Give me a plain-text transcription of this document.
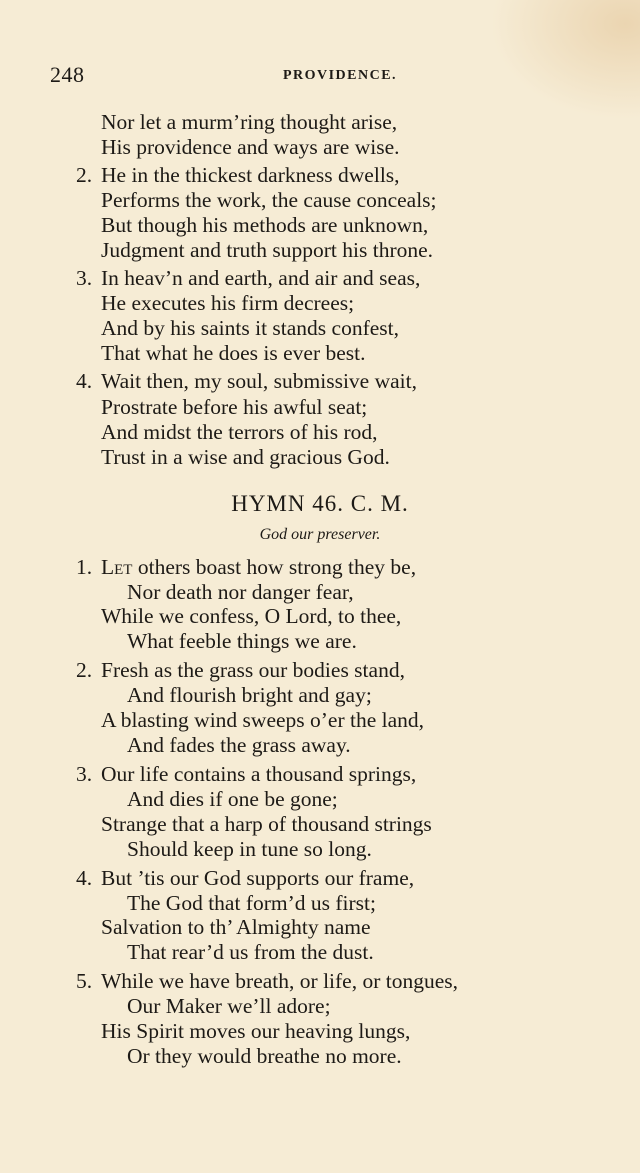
248	PROVIDENCE.
Nor let a murm’ring thought arise,
His providence and ways are wise.
2. He in the thickest darkness dwells,
Performs the work, the cause conceals;
But though his methods are unknown,
Judgment and truth support his throne.
3. In heav’n and earth, and air and seas,
He executes his firm decrees;
And by his saints it stands confest,
That what he does is ever best.
4. Wait then, my soul, submissive wait,
Prostrate before his awful seat;
And midst the terrors of his rod,
Trust in a wise and gracious God.
HYMN 46. C. M.
God our preserver.
1. Let others boast how strong they be,
Nor death nor danger fear,
While we confess, O Lord, to thee,
What feeble things we are.
2. Fresh as the grass our bodies stand,
And flourish bright and gay;
A blasting wind sweeps o’er the land,
And fades the grass away.
3. Our life contains a thousand springs,
And dies if one be gone;
Strange that a harp of thousand strings
Should keep in tune so long.
4. But ’tis our God supports our frame,
The God that form’d us first;
Salvation to th’ Almighty name
That rear’d us from the dust.
5. While we have breath, or life, or tongues,
Our Maker we’ll adore;
His Spirit moves our heaving lungs,
Or they would breathe no more.
